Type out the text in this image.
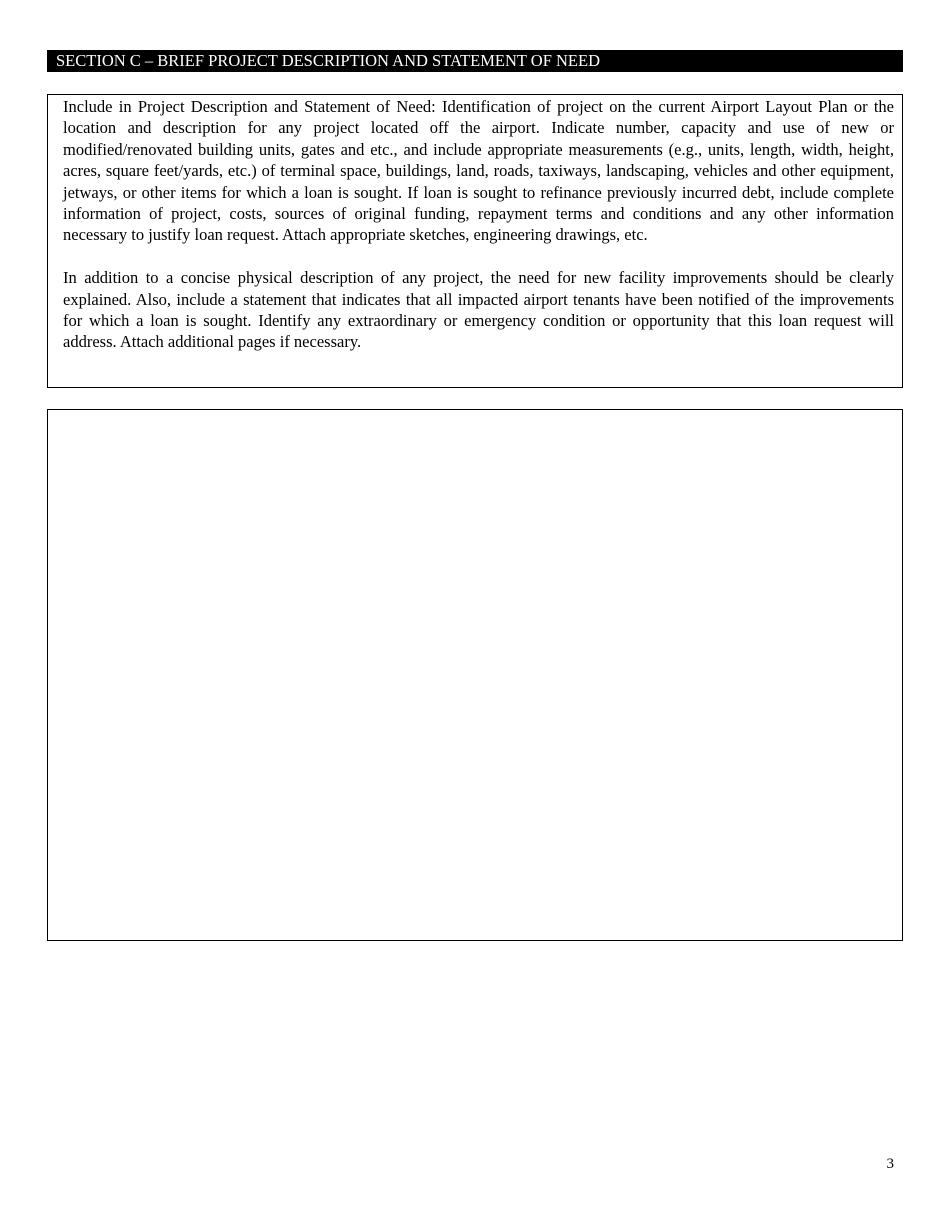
SECTION C – BRIEF PROJECT DESCRIPTION AND STATEMENT OF NEED

Include in Project Description and Statement of Need: Identification of project on the current Airport Layout Plan or the location and description for any project located off the airport. Indicate number, capacity and use of new or modified/renovated building units, gates and etc., and include appropriate measurements (e.g., units, length, width, height, acres, square feet/yards, etc.) of terminal space, buildings, land, roads, taxiways, landscaping, vehicles and other equipment, jetways, or other items for which a loan is sought. If loan is sought to refinance previously incurred debt, include complete information of project, costs, sources of original funding, repayment terms and conditions and any other information necessary to justify loan request. Attach appropriate sketches, engineering drawings, etc.

In addition to a concise physical description of any project, the need for new facility improvements should be clearly explained. Also, include a statement that indicates that all impacted airport tenants have been notified of the improvements for which a loan is sought. Identify any extraordinary or emergency condition or opportunity that this loan request will address. Attach additional pages if necessary.

3
